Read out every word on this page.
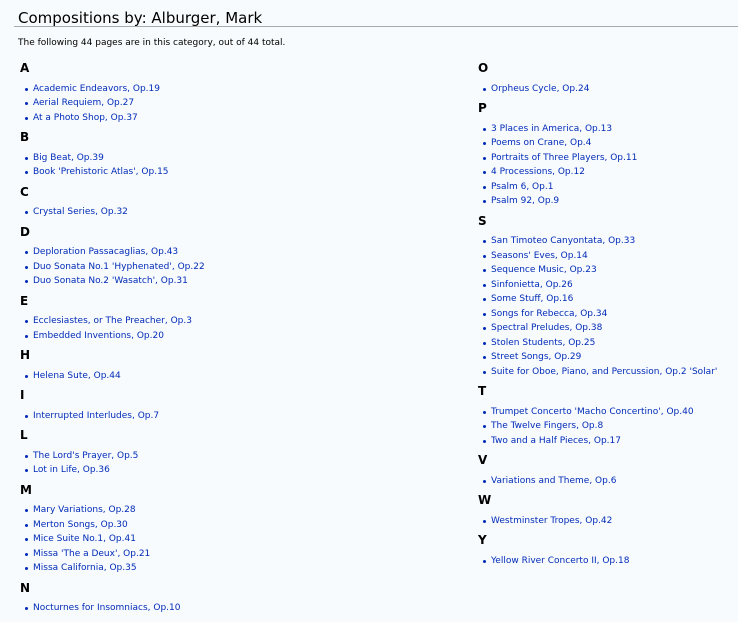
Compositions by: Alburger, Mark

The following 44 pages are in this category, out of 44 total.

A
Academic Endeavors, Op.19
Aerial Requiem, Op.27
At a Photo Shop, Op.37
B
Big Beat, Op.39
Book 'Prehistoric Atlas', Op.15
C
Crystal Series, Op.32
D
Deploration Passacaglias, Op.43
Duo Sonata No.1 'Hyphenated', Op.22
Duo Sonata No.2 'Wasatch', Op.31
E
Ecclesiastes, or The Preacher, Op.3
Embedded Inventions, Op.20
H
Helena Sute, Op.44
I
Interrupted Interludes, Op.7
L
The Lord's Prayer, Op.5
Lot in Life, Op.36
M
Mary Variations, Op.28
Merton Songs, Op.30
Mice Suite No.1, Op.41
Missa 'The a Deux', Op.21
Missa California, Op.35
N
Nocturnes for Insomniacs, Op.10
O
Orpheus Cycle, Op.24
P
3 Places in America, Op.13
Poems on Crane, Op.4
Portraits of Three Players, Op.11
4 Processions, Op.12
Psalm 6, Op.1
Psalm 92, Op.9
S
San Timoteo Canyontata, Op.33
Seasons' Eves, Op.14
Sequence Music, Op.23
Sinfonietta, Op.26
Some Stuff, Op.16
Songs for Rebecca, Op.34
Spectral Preludes, Op.38
Stolen Students, Op.25
Street Songs, Op.29
Suite for Oboe, Piano, and Percussion, Op.2 'Solar'
T
Trumpet Concerto 'Macho Concertino', Op.40
The Twelve Fingers, Op.8
Two and a Half Pieces, Op.17
V
Variations and Theme, Op.6
W
Westminster Tropes, Op.42
Y
Yellow River Concerto II, Op.18
